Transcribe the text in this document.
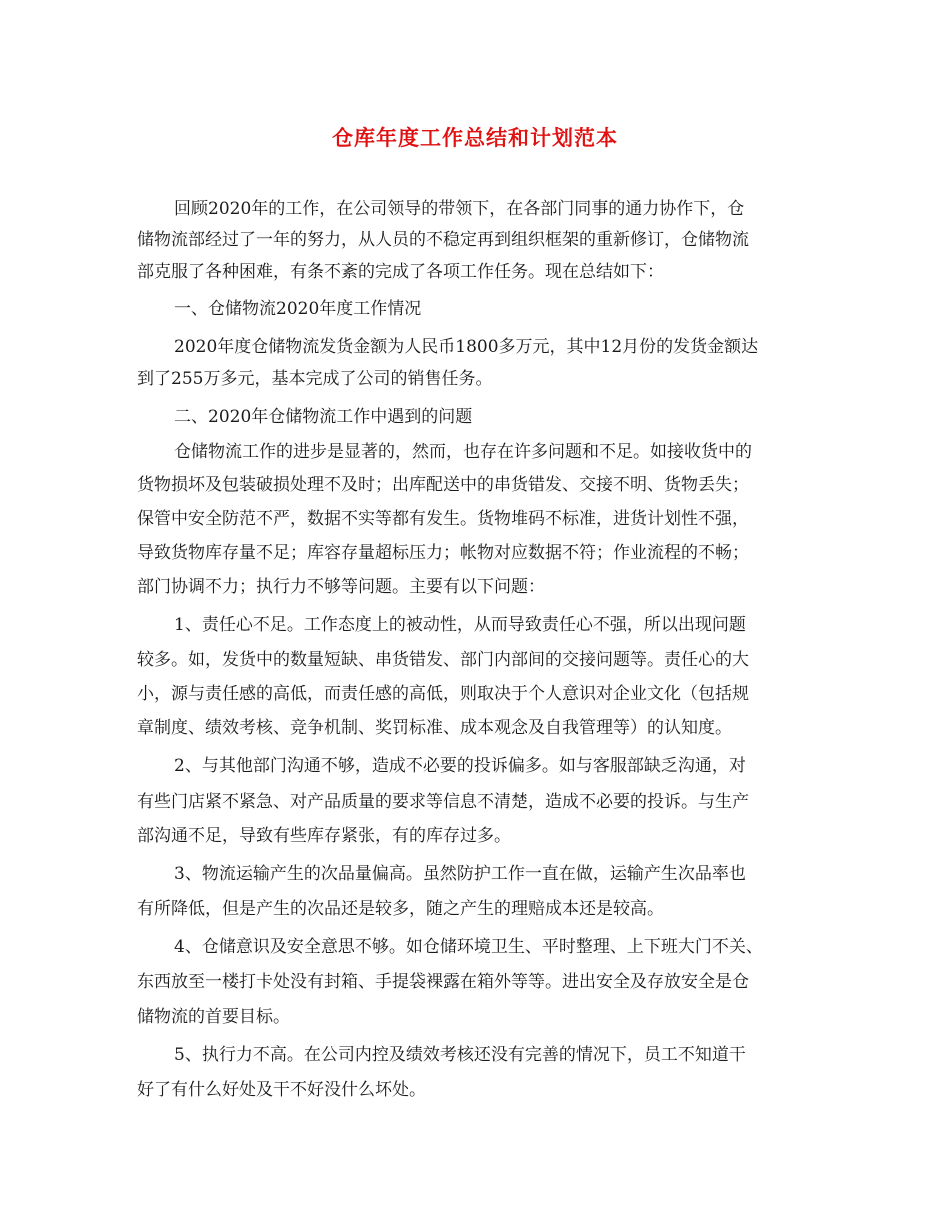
仓库年度工作总结和计划范本
回顾2020年的工作，在公司领导的带领下，在各部门同事的通力协作下，仓
储物流部经过了一年的努力，从人员的不稳定再到组织框架的重新修订，仓储物流
部克服了各种困难，有条不紊的完成了各项工作任务。现在总结如下：
一、仓储物流2020年度工作情况
2020年度仓储物流发货金额为人民币1800多万元，其中12月份的发货金额达
到了255万多元，基本完成了公司的销售任务。
二、2020年仓储物流工作中遇到的问题
仓储物流工作的进步是显著的，然而，也存在许多问题和不足。如接收货中的
货物损坏及包装破损处理不及时；出库配送中的串货错发、交接不明、货物丢失；
保管中安全防范不严，数据不实等都有发生。货物堆码不标准，进货计划性不强，
导致货物库存量不足；库容存量超标压力；帐物对应数据不符；作业流程的不畅；
部门协调不力；执行力不够等问题。主要有以下问题：
1、责任心不足。工作态度上的被动性，从而导致责任心不强，所以出现问题
较多。如，发货中的数量短缺、串货错发、部门内部间的交接问题等。责任心的大
小，源与责任感的高低，而责任感的高低，则取决于个人意识对企业文化（包括规
章制度、绩效考核、竞争机制、奖罚标准、成本观念及自我管理等）的认知度。
2、与其他部门沟通不够，造成不必要的投诉偏多。如与客服部缺乏沟通，对
有些门店紧不紧急、对产品质量的要求等信息不清楚，造成不必要的投诉。与生产
部沟通不足，导致有些库存紧张，有的库存过多。
3、物流运输产生的次品量偏高。虽然防护工作一直在做，运输产生次品率也
有所降低，但是产生的次品还是较多，随之产生的理赔成本还是较高。
4、仓储意识及安全意思不够。如仓储环境卫生、平时整理、上下班大门不关、
东西放至一楼打卡处没有封箱、手提袋裸露在箱外等等。进出安全及存放安全是仓
储物流的首要目标。
5、执行力不高。在公司内控及绩效考核还没有完善的情况下，员工不知道干
好了有什么好处及干不好没什么坏处。
